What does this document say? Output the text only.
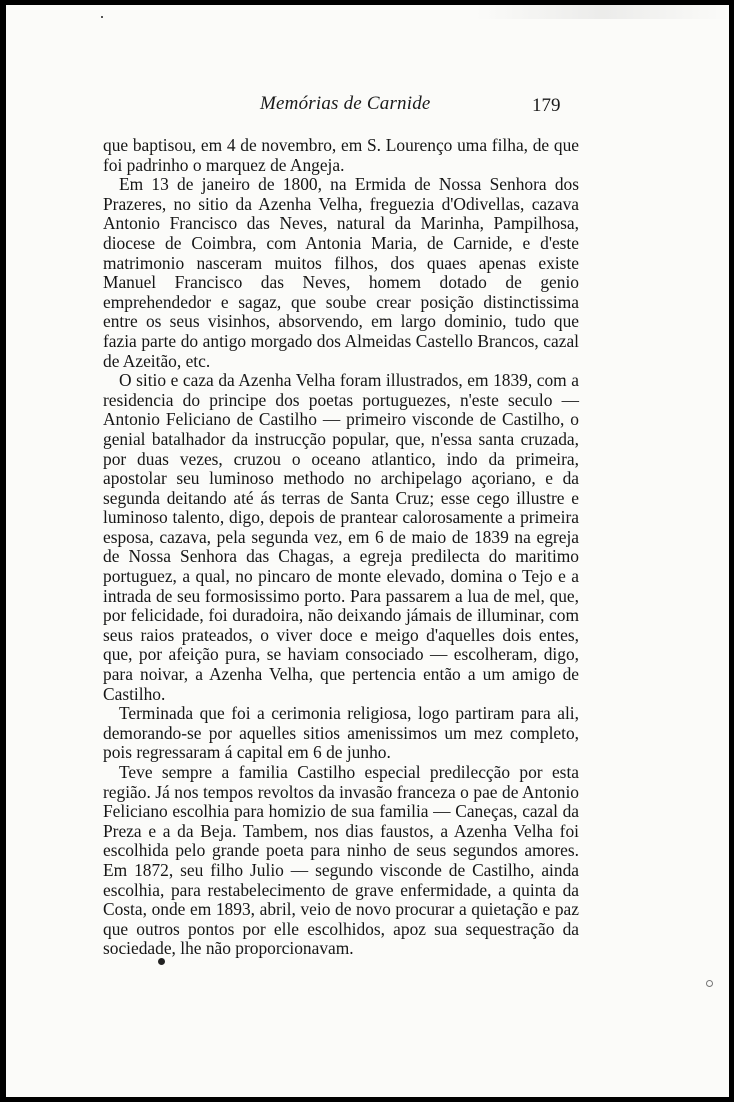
Memórias de Carnide	179

que baptisou, em 4 de novembro, em S. Lourenço uma filha, de que foi padrinho o marquez de Angeja.

Em 13 de janeiro de 1800, na Ermida de Nossa Senhora dos Prazeres, no sitio da Azenha Velha, freguezia d'Odivellas, cazava Antonio Francisco das Neves, natural da Marinha, Pampilhosa, diocese de Coimbra, com Antonia Maria, de Carnide, e d'este matrimonio nasceram muitos filhos, dos quaes apenas existe Manuel Francisco das Neves, homem dotado de genio emprehendedor e sagaz, que soube crear posição distinctissima entre os seus visinhos, absorvendo, em largo dominio, tudo que fazia parte do antigo morgado dos Almeidas Castello Brancos, cazal de Azeitão, etc.

O sitio e caza da Azenha Velha foram illustrados, em 1839, com a residencia do principe dos poetas portuguezes, n'este seculo — Antonio Feliciano de Castilho — primeiro visconde de Castilho, o genial batalhador da instrucção popular, que, n'essa santa cruzada, por duas vezes, cruzou o oceano atlantico, indo da primeira, apostolar seu luminoso methodo no archipelago açoriano, e da segunda deitando até ás terras de Santa Cruz; esse cego illustre e luminoso talento, digo, depois de prantear calorosamente a primeira esposa, cazava, pela segunda vez, em 6 de maio de 1839 na egreja de Nossa Senhora das Chagas, a egreja predilecta do maritimo portuguez, a qual, no pincaro de monte elevado, domina o Tejo e a intrada de seu formosissimo porto. Para passarem a lua de mel, que, por felicidade, foi duradoira, não deixando jámais de illuminar, com seus raios prateados, o viver doce e meigo d'aquelles dois entes, que, por afeição pura, se haviam consociado — escolheram, digo, para noivar, a Azenha Velha, que pertencia então a um amigo de Castilho.

Terminada que foi a cerimonia religiosa, logo partiram para ali, demorando-se por aquelles sitios amenissimos um mez completo, pois regressaram á capital em 6 de junho.

Teve sempre a familia Castilho especial predilecção por esta região. Já nos tempos revoltos da invasão franceza o pae de Antonio Feliciano escolhia para homizio de sua familia — Caneças, cazal da Preza e a da Beja. Tambem, nos dias faustos, a Azenha Velha foi escolhida pelo grande poeta para ninho de seus segundos amores. Em 1872, seu filho Julio — segundo visconde de Castilho, ainda escolhia, para restabelecimento de grave enfermidade, a quinta da Costa, onde em 1893, abril, veio de novo procurar a quietação e paz que outros pontos por elle escolhidos, apoz sua sequestração da sociedade, lhe não proporcionavam.
